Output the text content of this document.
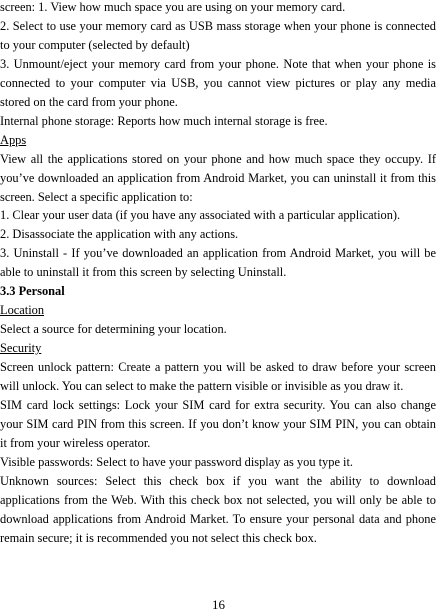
screen: 1. View how much space you are using on your memory card.

2. Select to use your memory card as USB mass storage when your phone is connected to your computer (selected by default)

3. Unmount/eject your memory card from your phone. Note that when your phone is connected to your computer via USB, you cannot view pictures or play any media stored on the card from your phone.

Internal phone storage: Reports how much internal storage is free.

Apps

View all the applications stored on your phone and how much space they occupy. If you’ve downloaded an application from Android Market, you can uninstall it from this screen. Select a specific application to:

1. Clear your user data (if you have any associated with a particular application).

2. Disassociate the application with any actions.

3. Uninstall - If you’ve downloaded an application from Android Market, you will be able to uninstall it from this screen by selecting Uninstall.

3.3 Personal

Location

Select a source for determining your location.

Security

Screen unlock pattern: Create a pattern you will be asked to draw before your screen will unlock. You can select to make the pattern visible or invisible as you draw it.

SIM card lock settings: Lock your SIM card for extra security. You can also change your SIM card PIN from this screen. If you don’t know your SIM PIN, you can obtain it from your wireless operator.

Visible passwords: Select to have your password display as you type it.

Unknown sources: Select this check box if you want the ability to download applications from the Web. With this check box not selected, you will only be able to download applications from Android Market. To ensure your personal data and phone remain secure; it is recommended you not select this check box.

16
